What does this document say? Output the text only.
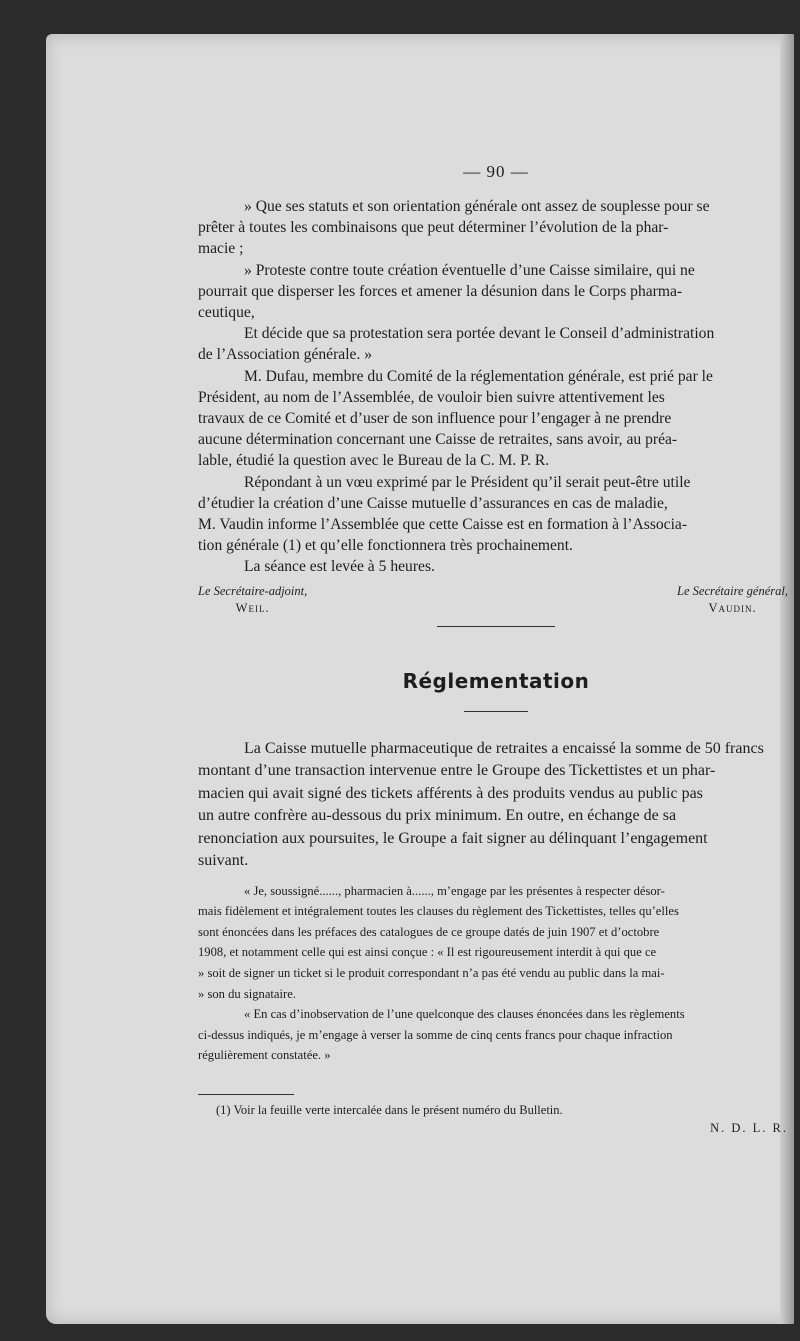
— 90 —

» Que ses statuts et son orientation générale ont assez de souplesse pour se

prêter à toutes les combinaisons que peut déterminer l’évolution de la phar-

macie ;

» Proteste contre toute création éventuelle d’une Caisse similaire, qui ne

pourrait que disperser les forces et amener la désunion dans le Corps pharma-

ceutique,

Et décide que sa protestation sera portée devant le Conseil d’administration

de l’Association générale. »

M. Dufau, membre du Comité de la réglementation générale, est prié par le

Président, au nom de l’Assemblée, de vouloir bien suivre attentivement les

travaux de ce Comité et d’user de son influence pour l’engager à ne prendre

aucune détermination concernant une Caisse de retraites, sans avoir, au préa-

lable, étudié la question avec le Bureau de la C. M. P. R.

Répondant à un vœu exprimé par le Président qu’il serait peut-être utile

d’étudier la création d’une Caisse mutuelle d’assurances en cas de maladie,

M. Vaudin informe l’Assemblée que cette Caisse est en formation à l’Associa-

tion générale (1) et qu’elle fonctionnera très prochainement.

La séance est levée à 5 heures.

Le Secrétaire-adjoint,
Weil.
Le Secrétaire général,
Vaudin.
Réglementation

La Caisse mutuelle pharmaceutique de retraites a encaissé la somme de 50 francs

montant d’une transaction intervenue entre le Groupe des Tickettistes et un phar-

macien qui avait signé des tickets afférents à des produits vendus au public pas

un autre confrère au-dessous du prix minimum. En outre, en échange de sa

renonciation aux poursuites, le Groupe a fait signer au délinquant l’engagement

suivant.

« Je, soussigné......, pharmacien à......, m’engage par les présentes à respecter désor-

mais fidèlement et intégralement toutes les clauses du règlement des Tickettistes, telles qu’elles

sont énoncées dans les préfaces des catalogues de ce groupe datés de juin 1907 et d’octobre

1908, et notamment celle qui est ainsi conçue : « Il est rigoureusement interdit à qui que ce

» soit de signer un ticket si le produit correspondant n’a pas été vendu au public dans la mai-

» son du signataire.

« En cas d’inobservation de l’une quelconque des clauses énoncées dans les règlements

ci-dessus indiqués, je m’engage à verser la somme de cinq cents francs pour chaque infraction

régulièrement constatée. »

(1) Voir la feuille verte intercalée dans le présent numéro du Bulletin.

N. D. L. R.
